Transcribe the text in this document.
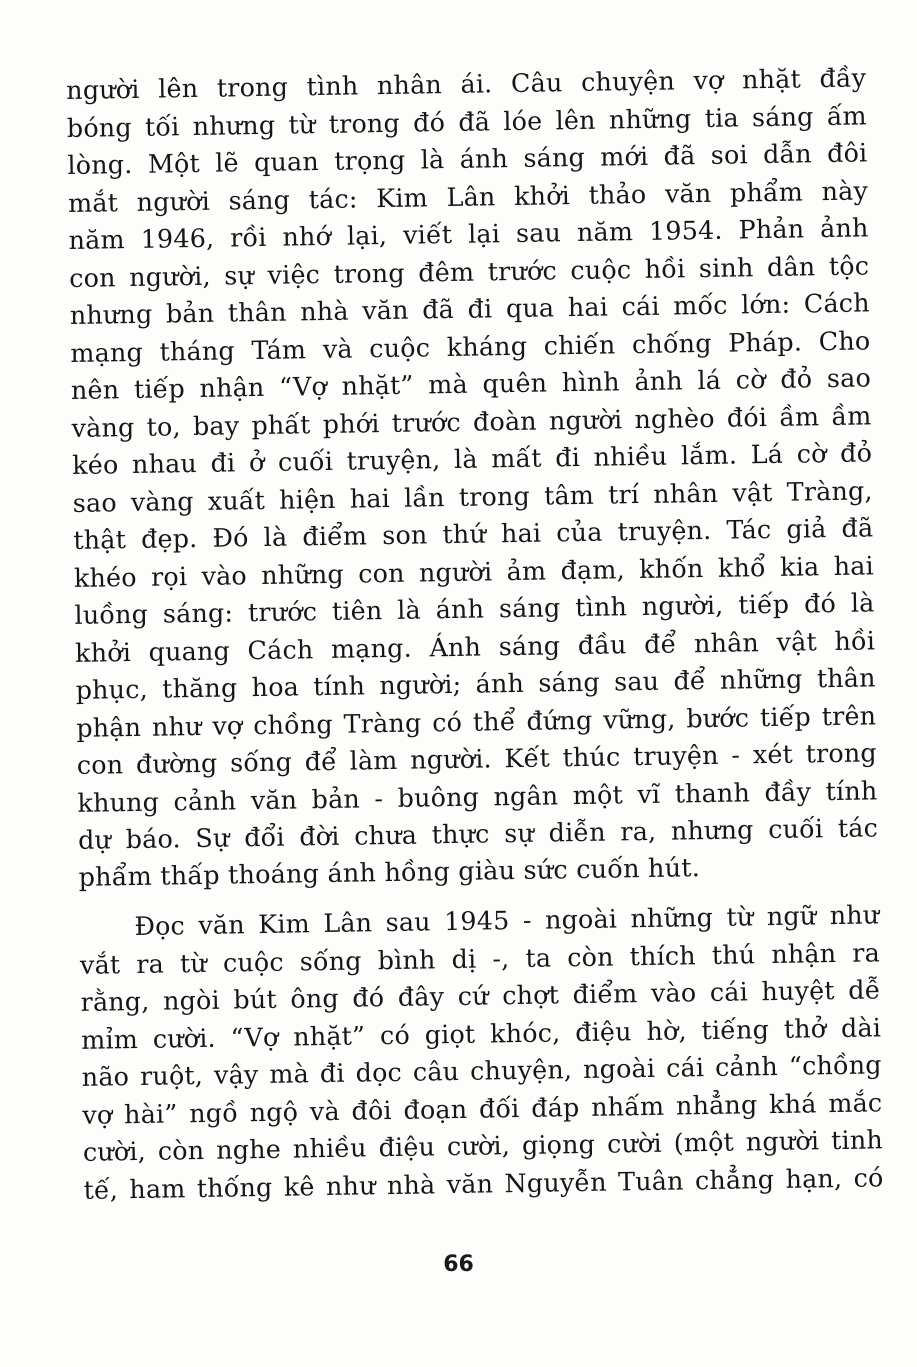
người lên trong tình nhân ái. Câu chuyện vợ nhặt đầy
bóng tối nhưng từ trong đó đã lóe lên những tia sáng ấm
lòng. Một lẽ quan trọng là ánh sáng mới đã soi dẫn đôi
mắt người sáng tác: Kim Lân khởi thảo văn phẩm này
năm 1946, rồi nhớ lại, viết lại sau năm 1954. Phản ảnh
con người, sự việc trong đêm trước cuộc hồi sinh dân tộc
nhưng bản thân nhà văn đã đi qua hai cái mốc lớn: Cách
mạng tháng Tám và cuộc kháng chiến chống Pháp. Cho
nên tiếp nhận “Vợ nhặt” mà quên hình ảnh lá cờ đỏ sao
vàng to, bay phất phới trước đoàn người nghèo đói ầm ầm
kéo nhau đi ở cuối truyện, là mất đi nhiều lắm. Lá cờ đỏ
sao vàng xuất hiện hai lần trong tâm trí nhân vật Tràng,
thật đẹp. Đó là điểm son thứ hai của truyện. Tác giả đã
khéo rọi vào những con người ảm đạm, khốn khổ kia hai
luồng sáng: trước tiên là ánh sáng tình người, tiếp đó là
khởi quang Cách mạng. Ánh sáng đầu để nhân vật hồi
phục, thăng hoa tính người; ánh sáng sau để những thân
phận như vợ chồng Tràng có thể đứng vững, bước tiếp trên
con đường sống để làm người. Kết thúc truyện - xét trong
khung cảnh văn bản - buông ngân một vĩ thanh đầy tính
dự báo. Sự đổi đời chưa thực sự diễn ra, nhưng cuối tác
phẩm thấp thoáng ánh hồng giàu sức cuốn hút.
Đọc văn Kim Lân sau 1945 - ngoài những từ ngữ như
vắt ra từ cuộc sống bình dị -, ta còn thích thú nhận ra
rằng, ngòi bút ông đó đây cứ chợt điểm vào cái huyệt dễ
mỉm cười. “Vợ nhặt” có giọt khóc, điệu hờ, tiếng thở dài
não ruột, vậy mà đi dọc câu chuyện, ngoài cái cảnh “chồng
vợ hài” ngồ ngộ và đôi đoạn đối đáp nhấm nhẳng khá mắc
cười, còn nghe nhiều điệu cười, giọng cười (một người tinh
tế, ham thống kê như nhà văn Nguyễn Tuân chẳng hạn, có
66
